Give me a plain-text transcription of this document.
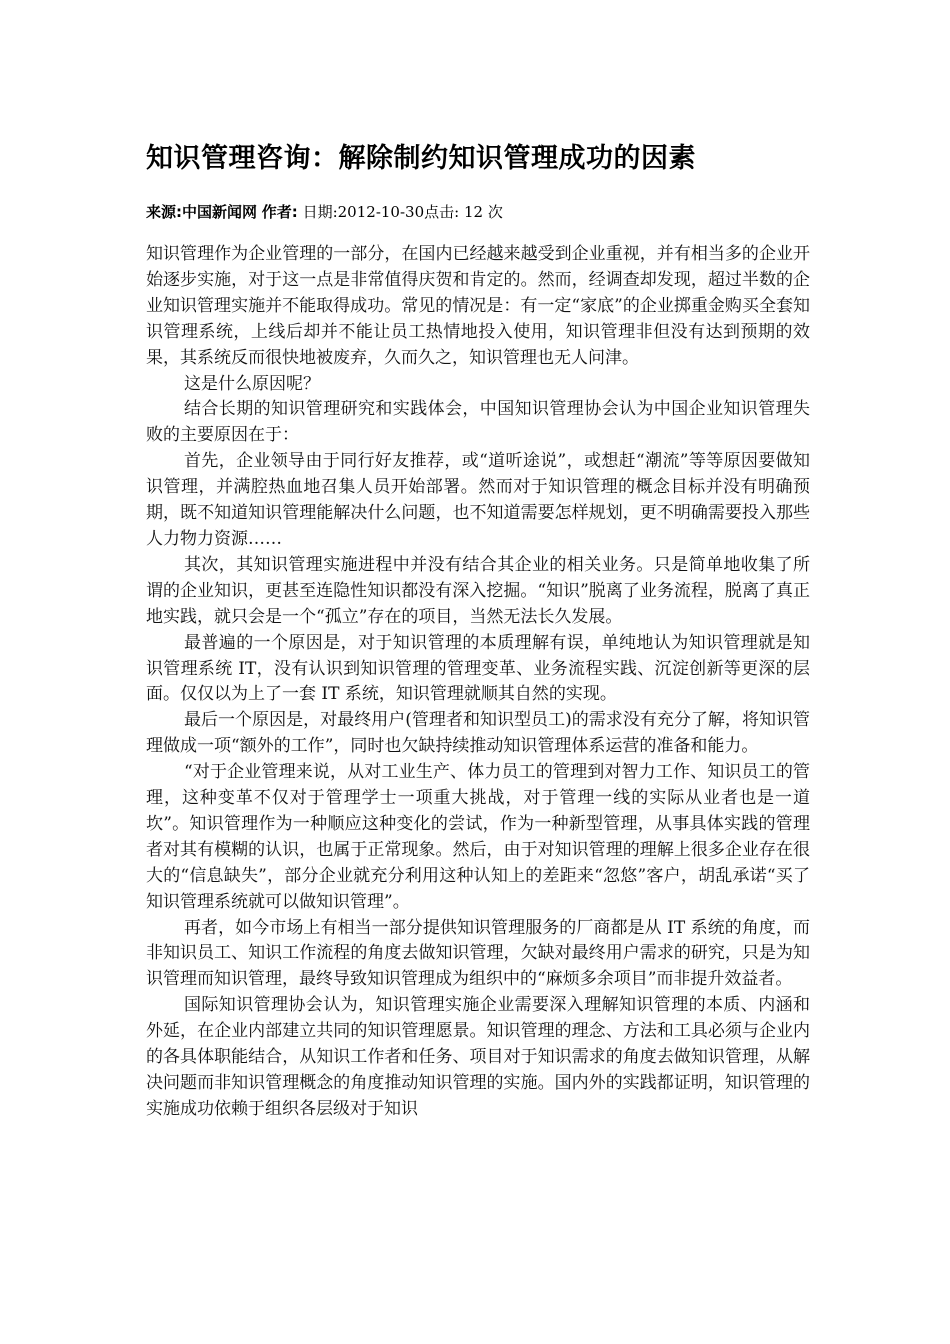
知识管理咨询：解除制约知识管理成功的因素
来源:中国新闻网 作者: 日期:2012-10-30点击: 12 次

知识管理作为企业管理的一部分，在国内已经越来越受到企业重视，并有相当多的企业开始逐步实施，对于这一点是非常值得庆贺和肯定的。然而，经调查却发现，超过半数的企业知识管理实施并不能取得成功。常见的情况是：有一定“家底”的企业掷重金购买全套知识管理系统，上线后却并不能让员工热情地投入使用，知识管理非但没有达到预期的效果，其系统反而很快地被废弃，久而久之，知识管理也无人问津。

这是什么原因呢？

结合长期的知识管理研究和实践体会，中国知识管理协会认为中国企业知识管理失败的主要原因在于：

首先，企业领导由于同行好友推荐，或“道听途说”，或想赶“潮流”等等原因要做知识管理，并满腔热血地召集人员开始部署。然而对于知识管理的概念目标并没有明确预期，既不知道知识管理能解决什么问题，也不知道需要怎样规划，更不明确需要投入那些人力物力资源……

其次，其知识管理实施进程中并没有结合其企业的相关业务。只是简单地收集了所谓的企业知识，更甚至连隐性知识都没有深入挖掘。“知识”脱离了业务流程，脱离了真正地实践，就只会是一个“孤立”存在的项目，当然无法长久发展。

最普遍的一个原因是，对于知识管理的本质理解有误，单纯地认为知识管理就是知识管理系统 IT，没有认识到知识管理的管理变革、业务流程实践、沉淀创新等更深的层面。仅仅以为上了一套 IT 系统，知识管理就顺其自然的实现。

最后一个原因是，对最终用户(管理者和知识型员工)的需求没有充分了解，将知识管理做成一项“额外的工作”，同时也欠缺持续推动知识管理体系运营的准备和能力。

“对于企业管理来说，从对工业生产、体力员工的管理到对智力工作、知识员工的管理，这种变革不仅对于管理学士一项重大挑战，对于管理一线的实际从业者也是一道坎”。知识管理作为一种顺应这种变化的尝试，作为一种新型管理，从事具体实践的管理者对其有模糊的认识，也属于正常现象。然后，由于对知识管理的理解上很多企业存在很大的“信息缺失”，部分企业就充分利用这种认知上的差距来“忽悠”客户，胡乱承诺“买了知识管理系统就可以做知识管理”。

再者，如今市场上有相当一部分提供知识管理服务的厂商都是从 IT 系统的角度，而非知识员工、知识工作流程的角度去做知识管理，欠缺对最终用户需求的研究，只是为知识管理而知识管理，最终导致知识管理成为组织中的“麻烦多余项目”而非提升效益者。

国际知识管理协会认为，知识管理实施企业需要深入理解知识管理的本质、内涵和外延，在企业内部建立共同的知识管理愿景。知识管理的理念、方法和工具必须与企业内的各具体职能结合，从知识工作者和任务、项目对于知识需求的角度去做知识管理，从解决问题而非知识管理概念的角度推动知识管理的实施。国内外的实践都证明，知识管理的实施成功依赖于组织各层级对于知识
